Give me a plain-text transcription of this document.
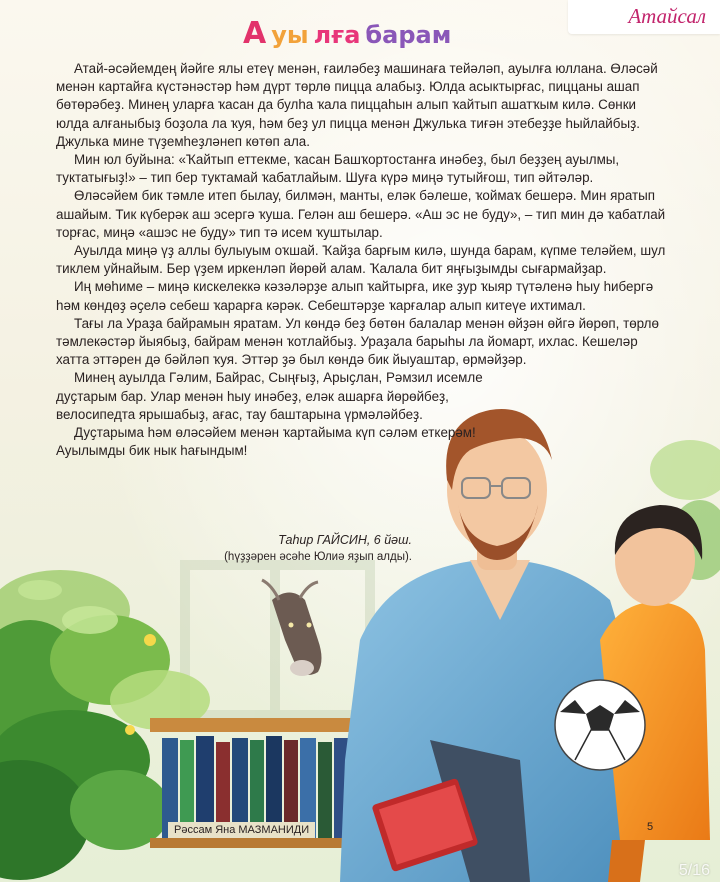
Атайсал
А уы лға барам

Атай-әсәйемдең йәйге ялы етеү менән, ғаиләбеҙ машинаға тейәләп, ауылға юллана. Өләсәй менән картайға күстәнәстәр һәм дүрт төрлө пицца алабыҙ. Юлда асыктырғас, пиццаны ашап бөтөрәбеҙ. Минең уларға ҡасан да булһа ҡала пиццаһын алып ҡайтып ашатҡым килә. Сөнки юлда алғаныбыҙ боҙола ла ҡуя, һәм беҙ ул пицца менән Джулька тиғән этебеҙҙе һыйлайбыҙ. Джулька мине түҙемһеҙләнеп көтөп ала.

Мин юл буйына: «Ҡайтып еттекме, ҡасан Башҡортостанға инәбеҙ, был беҙҙең ауылмы, туктатығыҙ!» – тип бер туктамай ҡабатлайым. Шуға күрә миңә тутыйғош, тип әйтәләр.

Өләсәйем бик тәмле итеп былау, билмән, манты, eләк бәлеше, ҡоймаҡ бешерә. Мин яратып ашайым. Тик күберәк аш эсергә ҡуша. Гелән аш бешерә. «Аш эс не буду», – тип мин дә ҡабатлай торғас, миңә «ашэс не буду» тип тә исем ҡуштылар.

Ауылда миңә үҙ аллы булыуым оҡшай. Ҡайҙа барғым килә, шунда барам, күпме теләйем, шул тиклем уйнайым. Бер үҙем иркенләп йөрөй алам. Ҡалала бит яңғыҙымды сығармайҙар.

Иң мөһиме – миңә кискелеккә кәзәләрҙе алып ҡайтырға, ике ҙур ҡыяр түтәленә һыу һибергә һәм көндөҙ әҫелә себеш ҡарарға кәрәк. Себештәрҙе ҡарғалар алып китеүе ихтимал.

Тағы ла Ураҙа байрамын яратам. Ул көндә беҙ бөтөн балалар менән өйҙән өйгә йөрөп, төрлө тәмлекәстәр йыябыҙ, байрам менән ҡотлайбыҙ. Ураҙала барыһы ла йомарт, ихлас. Кешеләр хатта эттәрен дә бәйләп ҡуя. Эттәр ҙә был көндә бик йыуаштар, өрмәйҙәр.

Минең ауылда Гәлим, Байрас, Сыңғыҙ, Арыҫлан, Рәмзил исемле дуҫтарым бар. Улар менән һыу инәбеҙ, eләк ашарға йөрөйбеҙ, велосипедта ярышабыҙ, ағас, тау баштарына үрмәләйбеҙ.

Дуҫтарыма һәм өләсәйем менән ҡартайыма күп сәләм еткерәм! Ауылымды бик нык һағындым!

Таһир ГАЙСИН, 6 йәш.
(һүҙҙәрен әсәһе Юлиә яҙып алды).
Рәссам Яна МАЗМАНИДИ	5
5/16
